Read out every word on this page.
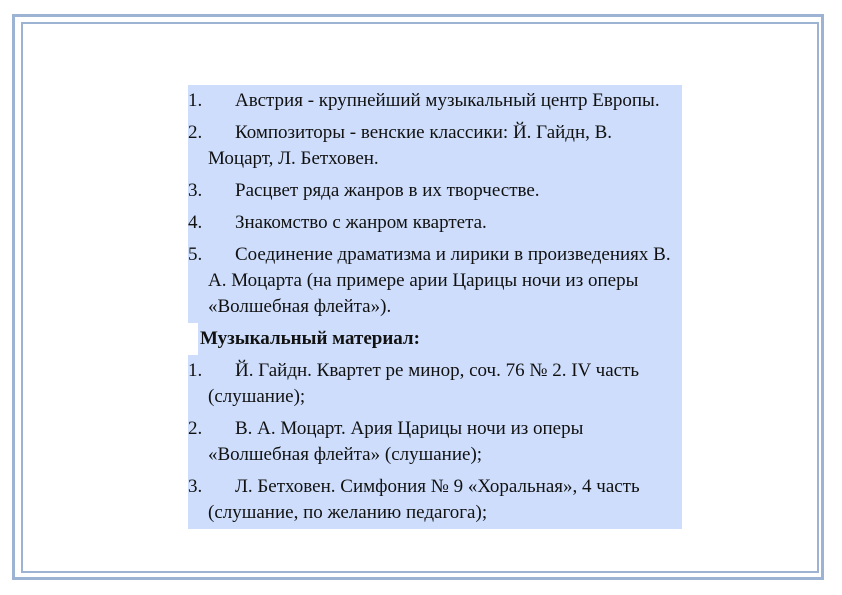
1.	Австрия - крупнейший музыкальный центр Европы.
2.	Композиторы - венские классики: Й. Гайдн, В. Моцарт, Л. Бетховен.
3.	Расцвет ряда жанров в их творчестве.
4.	Знакомство с жанром квартета.
5.	Соединение драматизма и лирики в произведениях В. А. Моцарта (на примере арии Царицы ночи из оперы «Волшебная флейта»).
Музыкальный материал:
1.	Й. Гайдн. Квартет ре минор, соч. 76 № 2. IV часть (слушание);
2.	В. А. Моцарт. Ария Царицы ночи из оперы «Волшебная флейта» (слушание);
3.	Л. Бетховен. Симфония № 9 «Хоральная», 4 часть (слушание, по желанию педагога);
